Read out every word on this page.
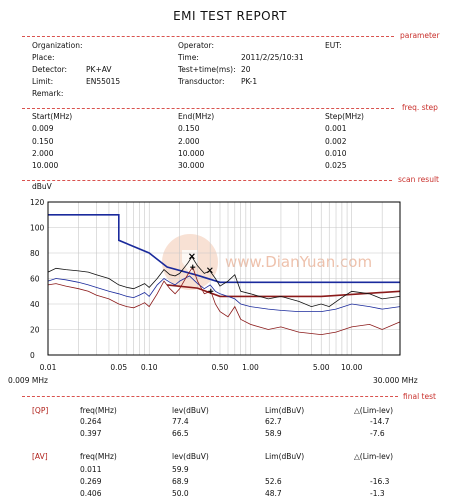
EMI TEST REPORT
parameter
Organization:	Operator:	EUT:
Place:	Time:	2011/2/25/10:31
Detector:	PK+AV	Test+time(ms): 20
Limit:	EN55015	Transductor: PK-1
Remark:
freq. step
Start(MHz)	End(MHz)	Step(MHz)
0.009	0.150	0.001
0.150	2.000	0.002
2.000	10.000	0.010
10.000	30.000	0.025
scan result
dBuV
www.DianYuan.com
0
20
40
60
80
100
120
0.01	0.05 0.10	0.50 1.00	5.00 10.00
0.009 MHz	30.000 MHz
final test
[QP]	freq(MHz)	lev(dBuV)	Lim(dBuV)	△(Lim-lev)
0.264	77.4	62.7	-14.7
0.397	66.5	58.9	-7.6
[AV]	freq(MHz)	lev(dBuV)	Lim(dBuV)	△(Lim-lev)
0.011	59.9
0.269	68.9	52.6	-16.3
0.406	50.0	48.7	-1.3
